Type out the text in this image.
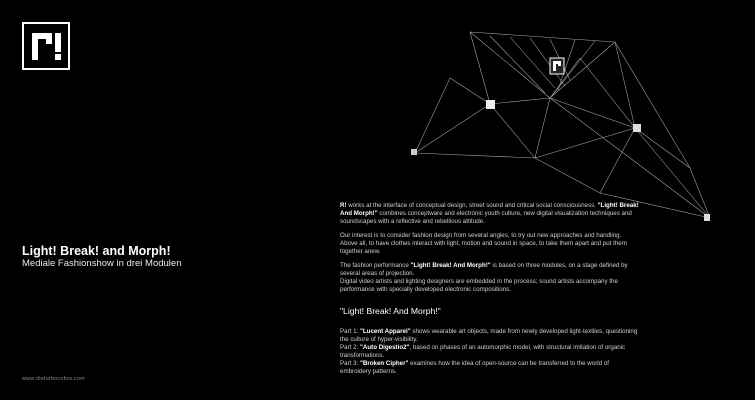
Light! Break! and Morph!

Mediale Fashionshow in drei Modulen

www.dieturbocobra.com

R! works at the interface of conceptual design, street sound and critical social consciousness. "Light! Break! And Morph!" combines conceptware and electronic youth culture, new digital visualization techniques and soundscapes with a reflective and rebellious attitude.

Our interest is to consider fashion design from several angles, to try out new approaches and handling. Above all, to have clothes interact with light, motion and sound in space, to take them apart and put them together anew.

The fashion performance "Light! Break! And Morph!" is based on three modules, on a stage defined by several areas of projection.

Digital video artists and lighting designers are embedded in the process; sound artists accompany the performance with specially developed electronic compositions.

"Light! Break! And Morph!"

Part 1: "Lucent Apparel" shows wearable art objects, made from newly developed light-textiles, questioning the culture of hyper-visibility.

Part 2: "Auto Digestio2", based on phases of an automorphic model, with structural imitation of organic transformations.

Part 3: "Broken Cipher" examines how the idea of open-source can be transferred to the world of embroidery patterns.
